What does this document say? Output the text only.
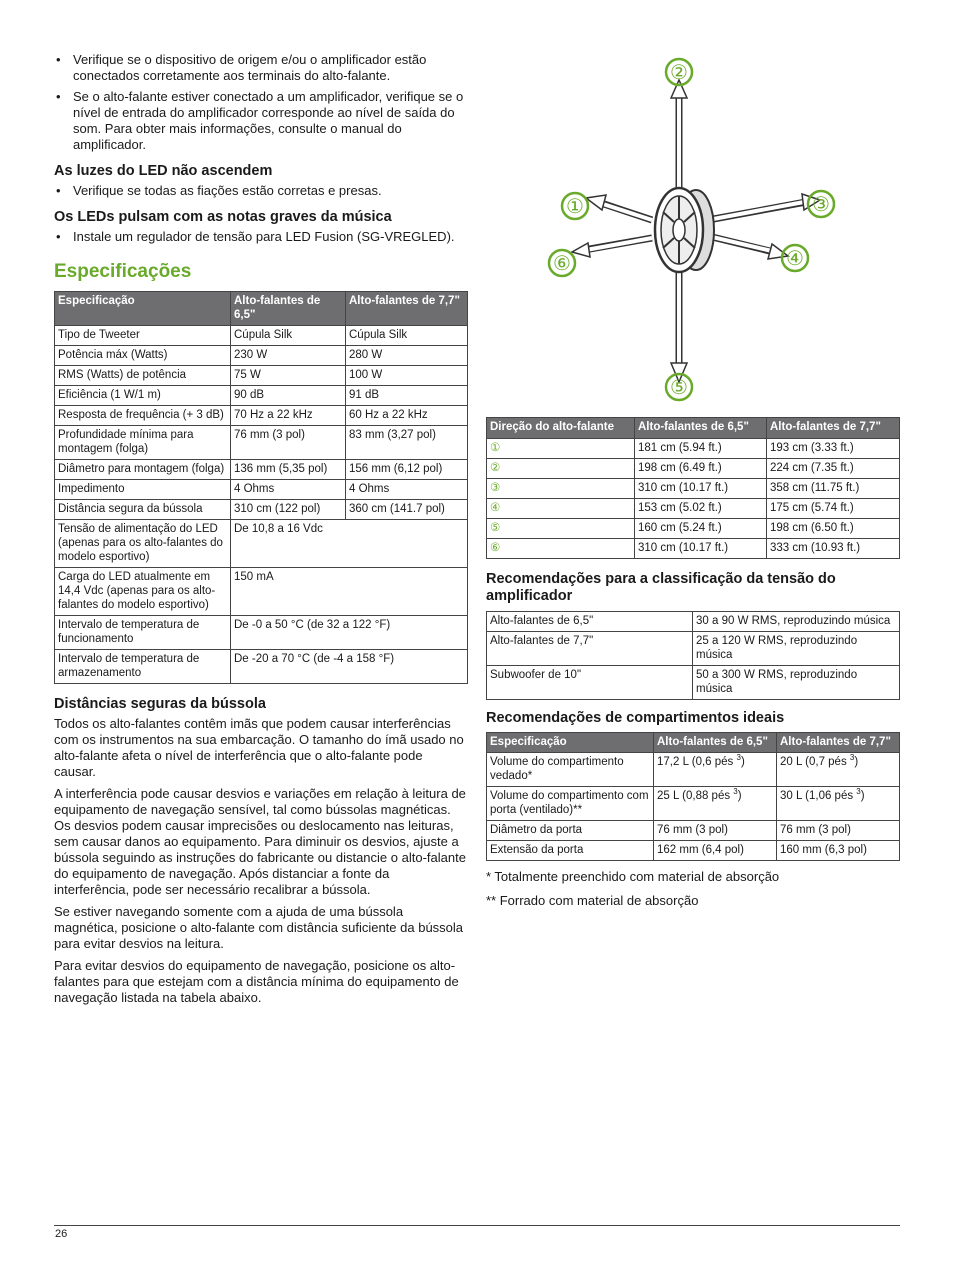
• Verifique se o dispositivo de origem e/ou o amplificador estão conectados corretamente aos terminais do alto-falante.
• Se o alto-falante estiver conectado a um amplificador, verifique se o nível de entrada do amplificador corresponde ao nível de saída do som. Para obter mais informações, consulte o manual do amplificador.
As luzes do LED não ascendem
• Verifique se todas as fiações estão corretas e presas.
Os LEDs pulsam com as notas graves da música
• Instale um regulador de tensão para LED Fusion (SG-VREGLED).
Especificações
Especificação	Alto-falantes de 6,5"	Alto-falantes de 7,7"
Tipo de Tweeter	Cúpula Silk	Cúpula Silk
Potência máx (Watts)	230 W	280 W
RMS (Watts) de potência	75 W	100 W
Eficiência (1 W/1 m)	90 dB	91 dB
Resposta de frequência (+ 3 dB)	70 Hz a 22 kHz	60 Hz a 22 kHz
Profundidade mínima para montagem (folga)	76 mm (3 pol)	83 mm (3,27 pol)
Diâmetro para montagem (folga)	136 mm (5,35 pol)	156 mm (6,12 pol)
Impedimento	4 Ohms	4 Ohms
Distância segura da bússola	310 cm (122 pol)	360 cm (141.7 pol)
Tensão de alimentação do LED (apenas para os alto-falantes do modelo esportivo)	De 10,8 a 16 Vdc	
Carga do LED atualmente em 14,4 Vdc (apenas para os alto-falantes do modelo esportivo)	150 mA	
Intervalo de temperatura de funcionamento	De -0 a 50 °C (de 32 a 122 °F)	
Intervalo de temperatura de armazenamento	De -20 a 70 °C (de -4 a 158 °F)	
Distâncias seguras da bússola

Todos os alto-falantes contêm imãs que podem causar interferências com os instrumentos na sua embarcação. O tamanho do ímã usado no alto-falante afeta o nível de interferência que o alto-falante pode causar.

A interferência pode causar desvios e variações em relação à leitura de equipamento de navegação sensível, tal como bússolas magnéticas. Os desvios podem causar imprecisões ou deslocamento nas leituras, sem causar danos ao equipamento. Para diminuir os desvios, ajuste a bússola seguindo as instruções do fabricante ou distancie o alto-falante do equipamento de navegação. Após distanciar a fonte da interferência, pode ser necessário recalibrar a bússola.

Se estiver navegando somente com a ajuda de uma bússola magnética, posicione o alto-falante com distância suficiente da bússola para evitar desvios na leitura.

Para evitar desvios do equipamento de navegação, posicione os alto-falantes para que estejam com a distância mínima do equipamento de navegação listada na tabela abaixo.

②
①	③
④
⑤
⑥
Direção do alto-falante	Alto-falantes de 6,5"	Alto-falantes de 7,7"
①	181 cm (5.94 ft.)	193 cm (3.33 ft.)
②	198 cm (6.49 ft.)	224 cm (7.35 ft.)
③	310 cm (10.17 ft.)	358 cm (11.75 ft.)
④	153 cm (5.02 ft.)	175 cm (5.74 ft.)
⑤	160 cm (5.24 ft.)	198 cm (6.50 ft.)
⑥	310 cm (10.17 ft.)	333 cm (10.93 ft.)
Recomendações para a classificação da tensão do amplificador
Alto-falantes de 6,5"	30 a 90 W RMS, reproduzindo música
Alto-falantes de 7,7"	25 a 120 W RMS, reproduzindo música
Subwoofer de 10"	50 a 300 W RMS, reproduzindo música
Recomendações de compartimentos ideais
Especificação	Alto-falantes de 6,5"	Alto-falantes de 7,7"
Volume do compartimento vedado*	17,2 L (0,6 pés $^3$)	20 L (0,7 pés $^3$)
Volume do compartimento com porta (ventilado)**	25 L (0,88 pés $^3$)	30 L (1,06 pés $^3$)
Diâmetro da porta	76 mm (3 pol)	76 mm (3 pol)
Extensão da porta	162 mm (6,4 pol)	160 mm (6,3 pol)

* Totalmente preenchido com material de absorção

** Forrado com material de absorção

26
